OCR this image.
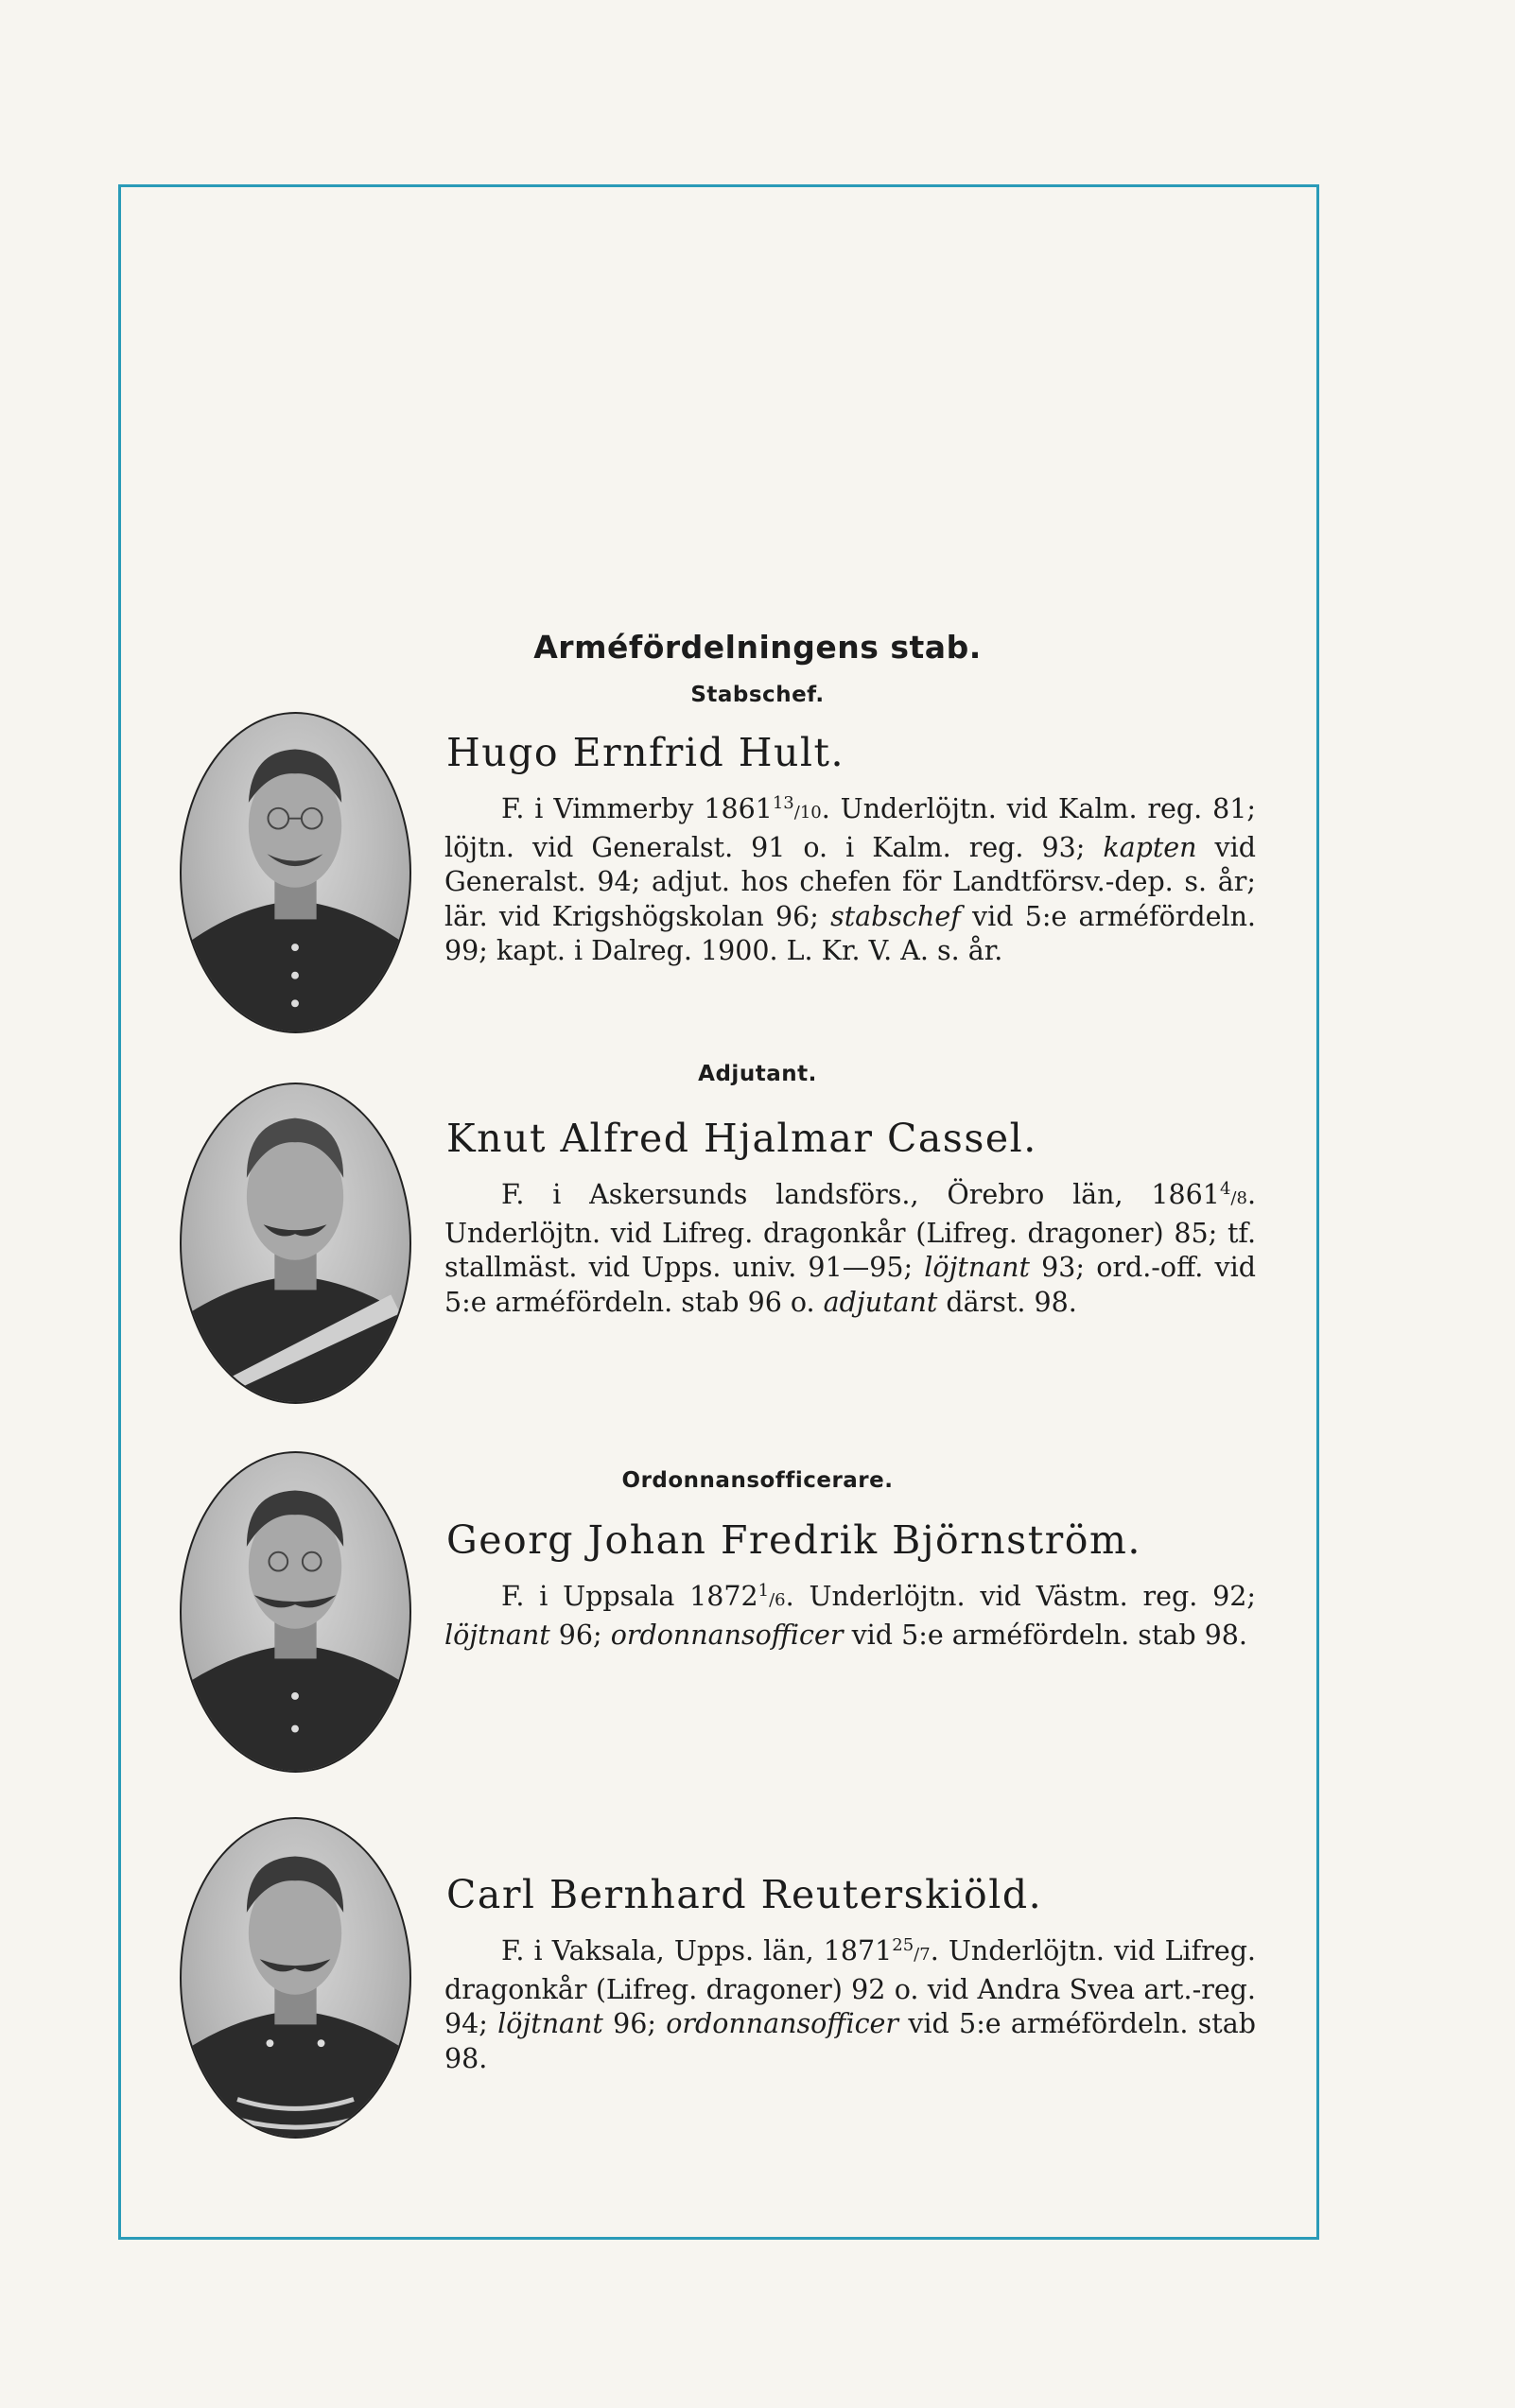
Arméfördelningens stab.
Stabschef.
Hugo Ernfrid Hult.

F. i Vimmerby 1861$^{13}$/10. Underlöjtn. vid Kalm. reg. 81; löjtn. vid Generalst. 91 o. i Kalm. reg. 93; kapten vid Generalst. 94; adjut. hos chefen för Landtförsv.-dep. s. år; lär. vid Krigshögskolan 96; stabschef vid 5:e arméfördeln. 99; kapt. i Dalreg. 1900. L. Kr. V. A. s. år.

Adjutant.
Knut Alfred Hjalmar Cassel.

F. i Askersunds landsförs., Örebro län, 1861$^4$/8. Underlöjtn. vid Lifreg. dragonkår (Lifreg. dragoner) 85; tf. stallmäst. vid Upps. univ. 91—95; löjtnant 93; ord.-off. vid 5:e arméfördeln. stab 96 o. adjutant därst. 98.

Ordonnansofficerare.
Georg Johan Fredrik Björnström.

F. i Uppsala 1872$^1$/6. Underlöjtn. vid Västm. reg. 92; löjtnant 96; ordonnansofficer vid 5:e arméfördeln. stab 98.

Carl Bernhard Reuterskiöld.

F. i Vaksala, Upps. län, 1871$^{25}$/7. Underlöjtn. vid Lifreg. dragonkår (Lifreg. dragoner) 92 o. vid Andra Svea art.-reg. 94; löjtnant 96; ordonnansofficer vid 5:e arméfördeln. stab 98.
